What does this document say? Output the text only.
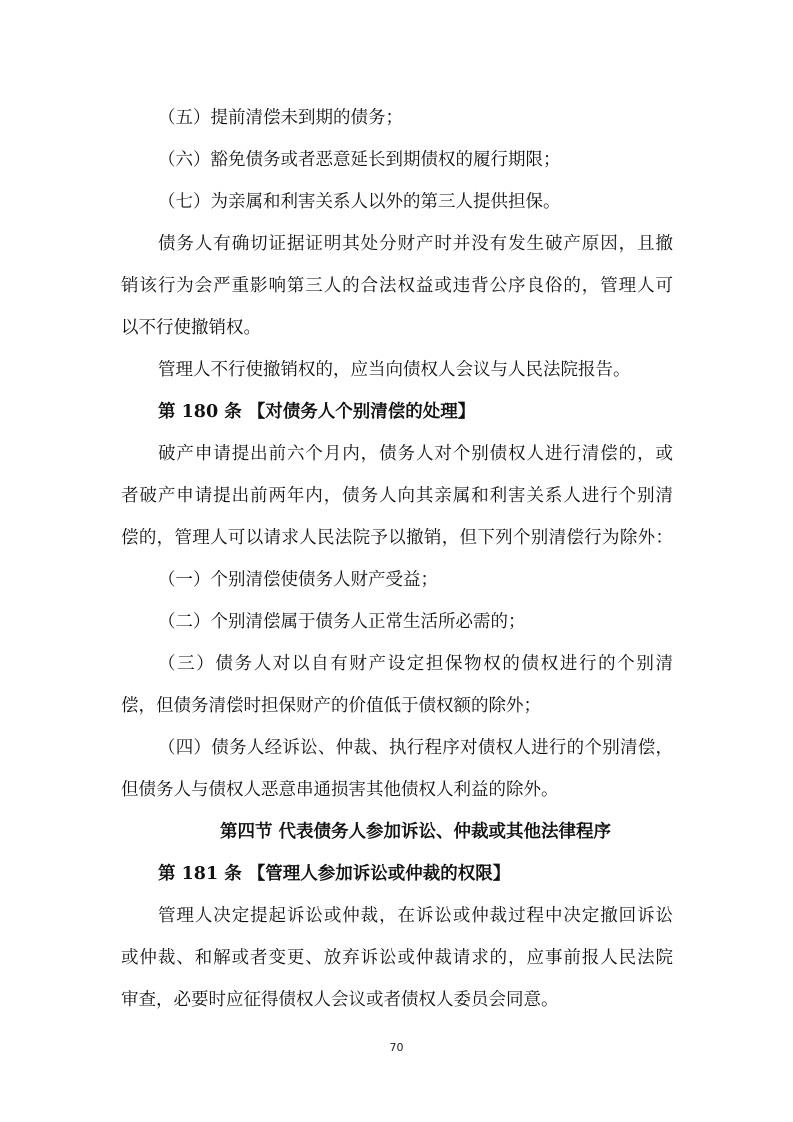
（五）提前清偿未到期的债务；
（六）豁免债务或者恶意延长到期债权的履行期限；
（七）为亲属和利害关系人以外的第三人提供担保。
债务人有确切证据证明其处分财产时并没有发生破产原因，且撤
销该行为会严重影响第三人的合法权益或违背公序良俗的，管理人可
以不行使撤销权。
管理人不行使撤销权的，应当向债权人会议与人民法院报告。
第 180 条 【对债务人个别清偿的处理】
破产申请提出前六个月内，债务人对个别债权人进行清偿的，或
者破产申请提出前两年内，债务人向其亲属和利害关系人进行个别清
偿的，管理人可以请求人民法院予以撤销，但下列个别清偿行为除外：
（一）个别清偿使债务人财产受益；
（二）个别清偿属于债务人正常生活所必需的；
（三）债务人对以自有财产设定担保物权的债权进行的个别清
偿，但债务清偿时担保财产的价值低于债权额的除外；
（四）债务人经诉讼、仲裁、执行程序对债权人进行的个别清偿，
但债务人与债权人恶意串通损害其他债权人利益的除外。
第四节 代表债务人参加诉讼、仲裁或其他法律程序
第 181 条 【管理人参加诉讼或仲裁的权限】
管理人决定提起诉讼或仲裁，在诉讼或仲裁过程中决定撤回诉讼
或仲裁、和解或者变更、放弃诉讼或仲裁请求的，应事前报人民法院
审查，必要时应征得债权人会议或者债权人委员会同意。
70
